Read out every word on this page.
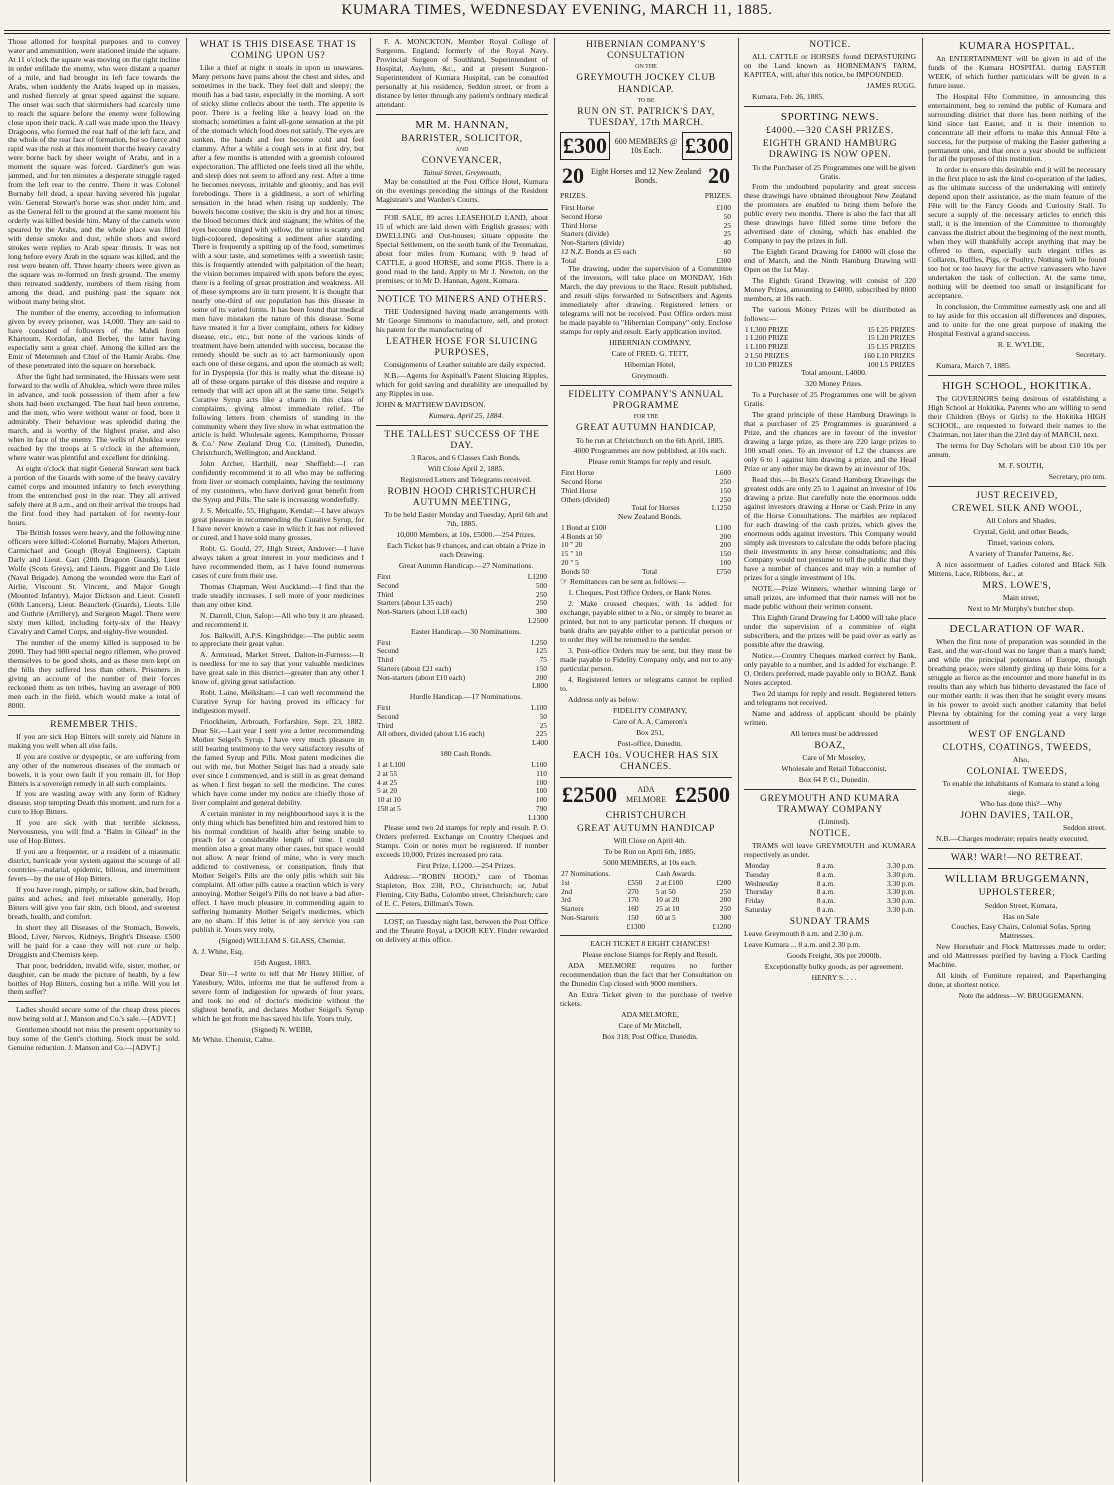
KUMARA TIMES, WEDNESDAY EVENING, MARCH 11, 1885.

Those allotted for hospital purposes and to convey water and ammunition, were stationed inside the square. At 11 o'clock the square was moving on the right incline in order enfilade the enemy, who were distant a quarter of a mile, and had brought its left face towards the Arabs, when suddenly the Arabs leaped up in masses, and rushed fiercely at great speed against the square. The onset was such that skirmishers had scarcely time to reach the square before the enemy were following close upon their track. A call was made upon the Heavy Dragoons, who formed the rear half of the left face, and the whole of the rear face of formation, but so fierce and rapid was the rush at this moment that the heavy cavalry were borne back by sheer weight of Arabs, and in a moment the square was forced. Gardiner's gun was jammed, and for ten minutes a desperate struggle raged from the left rear to the centre. There it was Colonel Burnaby fell dead, a spear having severed his jugular vein. General Stewart's horse was shot under him, and as the General fell to the ground at the same moment his orderly was killed beside him. Many of the camels were speared by the Arabs, and the whole place was filled with dense smoke and dust, while shots and sword strokes were replies to Arab spear thrusts. It was not long before every Arab in the square was killed, and the rest were beaten off. Three hearty cheers were given as the square was re-formed on fresh ground. The enemy then retreated suddenly, numbers of them rising from among the dead, and pushing past the square not without many being shot.

The number of the enemy, according to information given by every prisoner, was 14,000. They are said to have consisted of followers of the Mahdi from Khartoum, Kordofan, and Berber, the latter having especially sent a great chief. Among the killed are the Emir of Metemneh and Chief of the Hamir Arabs. One of these penetrated into the square on horseback.

After the fight had terminated, the Hussars were sent forward to the wells of Abuklea, which were three miles in advance, and took possession of them after a few shots had been exchanged. The heat had been extreme, and the men, who were without water or food, bore it admirably. Their behaviour was splendid during the march, and is worthy of the highest praise, and also when in face of the enemy. The wells of Abuklea were reached by the troops at 5 o'clock in the afternoon, where water was plentiful and excellent for drinking.

At eight o'clock that night General Stewart sent back a portion of the Guards with some of the heavy cavalry camel corps and mounted infantry to fetch everything from the entrenched post in the rear. They all arrived safely there at 8 a.m., and on their arrival the troops had the first food they had partaken of for twenty-four hours.

The British losses were heavy, and the following nine officers were killed:-Colonel Burnaby, Majors Atherton, Carmichael and Gough (Royal Engineers), Captain Darly and Lieut. Gart (20th Dragoon Guards), Lieut Wolfe (Scots Greys), and Lieuts. Piggott and De Lisle (Naval Brigade). Among the wounded were the Earl of Airlie, Viscount St. Vincent, and Major Gough (Mounted Infantry), Major Dickson and Lieut. Costell (60th Lancers), Lieut. Beauclerk (Guards), Lieuts. Lile and Guthrie (Artillery), and Surgeon Magel. There were sixty men killed, including forty-six of the Heavy Cavalry and Camel Corps, and eighty-five wounded.

The number of the enemy killed is supposed to be 2000. They had 900 special negro riflemen, who proved themselves to be good shots, and as these men kept on the hills they suffered less than others. Prisoners in giving an account of the number of their forces reckoned them as ten tribes, having an average of 800 men each in the field, which would make a total of 8000.

REMEMBER THIS.

If you are sick Hop Bitters will surely aid Nature in making you well when all else fails.

If you are costive or dyspeptic, or are suffering from any other of the numerous diseases of the stomach or bowels, it is your own fault if you remain ill, for Hop Bitters is a sovereign remedy in all such complaints.

If you are wasting away with any form of Kidney disease, stop tempting Death this moment, and turn for a cure to Hop Bitters.

If you are sick with that terrible sickness, Nervousness, you will find a "Balm in Gilead" in the use of Hop Bitters.

If you are a frequenter, or a resident of a miasmatic district, barricade your system against the scourge of all countries—malarial, epidemic, bilious, and intermittent fevers—by the use of Hop Bitters.

If you have rough, pimply, or sallow skin, bad breath, pains and aches, and feel miserable generally, Hop Bitters will give you fair skin, rich blood, and sweetest breath, health, and comfort.

In short they all Diseases of the Stomach, Bowels, Blood, Liver, Nerves, Kidneys, Bright's Disease. £500 will be paid for a case they will not cure or help. Druggists and Chemists keep.

That poor, bedridden, invalid wife, sister, mother, or daughter, can be made the picture of health, by a few bottles of Hop Bitters, costing but a trifle. Will you let them suffer?

Ladies should secure some of the cheap dress pieces now being sold at J. Manson and Co.'s sale.—[ADVT.]

Gentlemen should not miss the present opportunity to buy some of the Gent's clothing. Stock must be sold. Genuine reduction. J. Manson and Co.—[ADVT.]

WHAT IS THIS DISEASE THAT IS COMING UPON US?

Like a thief at night it steals in upon us unawares. Many persons have pains about the chest and sides, and sometimes in the back. They feel dull and sleepy; the mouth has a bad taste, especially in the morning. A sort of sticky slime collects about the teeth. The appetite is poor. There is a feeling like a heavy load on the stomach; sometimes a faint all-gone sensation at the pit of the stomach which food does not satisfy. The eyes are sunken, the hands and feet become cold and feel clammy. After a while a cough sets in at first dry, but after a few months is attended with a greenish coloured expectoration. The afflicted one feels tired all the while, and sleep does not seem to afford any rest. After a time he becomes nervous, irritable and gloomy, and has evil forebodings. There is a giddiness, a sort of whirling sensation in the head when rising up suddenly. The bowels become costive; the skin is dry and hot at times; the blood becomes thick and stagnant; the whites of the eyes become tinged with yellow, the urine is scanty and high-coloured, depositing a sediment after standing. There is frequently a spitting up of the food, sometimes with a sour taste, and sometimes with a sweetish taste; this is frequently attended with palpitation of the heart; the vision becomes impaired with spots before the eyes; there is a feeling of great prostration and weakness. All of these symptoms are in turn present. It is thought that nearly one-third of our population has this disease in some of its varied forms. It has been found that medical men have mistaken the nature of this disease. Some have treated it for a liver complaint, others for kidney disease, etc., etc., but none of the various kinds of treatment have been attended with success, because the remedy should be such as to act harmoniously upon each one of these organs, and upon the stomach as well; for in Dyspepsia (for this is really what the disease is) all of these organs partake of this disease and require a remedy that will act upon all at the same time. Seigel's Curative Syrup acts like a charm in this class of complaints, giving almost immediate relief. The following letters from chemists of standing in the community where they live show in what estimation the article is held. Wholesale agents, Kempthorne, Prosser & Co.' New Zealand Drug Co. (Limited), Dunedin, Christchurch, Wellington, and Auckland.

John Archer, Harthill, near Sheffield:—I can confidently recommend it to all who may be suffering from liver or stomach complaints, having the testimony of my customers, who have derived great benefit from the Syrup and Pills. The sale is increasing wonderfully.

J. S. Metcalfe, 55, Highgate, Kendal:—I have always great pleasure in recommending the Curative Syrup, for I have never known a case in which it has not relieved or cured, and I have sold many grosses.

Robt. G. Gould, 27, High Street, Andover:—I have always taken a great interest in your medicines and I have recommended them, as I have found numerous cases of cure from their use.

Thomas Chapman, West Auckland:—I find that the trade steadily increases. I sell more of your medicines than any other kind.

N. Darroll, Clun, Salop:—All who buy it are pleased, and recommend it.

Jos. Balkwill, A.P.S. Kingsbridge:—The public seem to appreciate their great value.

A. Armstead, Market Street, Dalton-in-Furness:—It is needless for me to say that your valuable medicines have great sale in this district—greater than any other I know of, giving great satisfaction.

Robt. Laine, Melksham:—I can well recommend the Curative Syrup for having proved its efficacy for indigestion myself.

Friockheim, Arbroath, Forfarshire, Sept. 23, 1882. Dear Sir,—Last year I sent you a letter recommending Mother Seigel's Syrup. I have very much pleasure in still bearing testimony to the very satisfactory results of the famed Syrup and Pills. Most patent medicines die out with me, but Mother Seigel has had a steady sale ever since I commenced, and is still in as great demand as when I first began to sell the medicine. The cures which have come under my notice are chiefly those of liver complaint and general debility.

A certain minister in my neighbourhood says it is the only thing which has benefitted him and restored him to his normal condition of health after being unable to preach for a considerable length of time. I could mention also a great many other cases, but space would not allow. A near friend of mine, who is very much addicted to costiveness, or constipation, finds that Mother Seigel's Pills are the only pills which suit his complaint. All other pills cause a reaction which is very annoying. Mother Seigel's Pills do not leave a bad after-effect. I have much pleasure in commending again to suffering humanity Mother Seigel's medicines, which are no sham. If this letter is of any service you can publish it. Yours very truly,

(Signed) WILLIAM S. GLASS, Chemist.

A. J. White, Esq.

15th August, 1883.

Dear Sir—I write to tell that Mr Henry Hillier, of Yatesbury, Wilts, informs me that he suffered from a severe form of indigestion for upwards of four years, and took no end of doctor's medicine without the slightest benefit, and declares Mother Seigel's Syrup which he got from me has saved his life. Yours truly,

(Signed) N. WEBB,

Mr White. Chemist, Calne.

F. A. MONCKTON, Member Royal College of Surgeons, England; formerly of the Royal Navy. Provincial Surgeon of Southland, Superintendent of Hospital, Asylum, &c., and at present Surgeon-Superintendent of Kumara Hospital, can be consulted personally at his residence, Seddon street, or from a distance by letter through any patient's ordinary medical attendant.

MR M. HANNAN,
BARRISTER, SOLICITOR,
AND
CONVEYANCER,
Tainui Street, Greymouth,

May be consulted at the Post Office Hotel, Kumara on the evenings preceding the sittings of the Resident Magistrate's and Warden's Courts.

FOR SALE, 89 acres LEASEHOLD LAND, about 15 of which are laid down with English grasses; with DWELLING and Out-houses; situate opposite the Special Settlement, on the south bank of the Teremakau, about four miles from Kumara; with 9 head of CATTLE, a good HORSE, and some PIGS. There is a good road to the land. Apply to Mr J. Newton, on the premises; or to Mr D. Hannan, Agent, Kumara.

NOTICE TO MINERS AND OTHERS.

THE Undersigned having made arrangements with Mr George Simmons to manufacture, sell, and protect his patent for the manufacturing of

LEATHER HOSE FOR SLUICING PURPOSES,

Consignments of Leather suitable are daily expected.

N.B.—Agents for Aspinall's Patent Sluicing Ripples, which for gold saving and durability are unequalled by any Ripples in use.

JOHN & MATTHEW DAVIDSON.

Kumara, April 25, 1884.

THE TALLEST SUCCESS OF THE DAY.

3 Races, and 6 Classes Cash Bonds.

Will Close April 2, 1885.

Registered Letters and Telegrams received.

ROBIN HOOD CHRISTCHURCH AUTUMN MEETING,

To be held Easter Monday and Tuesday, April 6th and 7th, 1885.

10,000 Members, at 10s, £5000.—254 Prizes.

Each Ticket has 9 chances, and can obtain a Prize in each Drawing.

Great Autumn Handicap.—27 Nominations.

First	L1200
Second	500
Third	250
Starters (about L35 each)	250
Non-Starters (about L18 each)	300

L2500

Easter Handicap.—30 Nominations.

First	L250
Second	125
Third	75
Starters (about £21 each)	150
Non-starters (about £10 each)	200

L800

Hurdle Handicap.—17 Nominations.

First	L100
Second	50
Third	25
All others, divided (about L16 each)	225

L400

180 Cash Bonds.

1 at L100	L100
2 at 55	110
4 at 25	100
5 at 20	100
10 at 10	100
158 at 5	790

L1300

Please send two 2d stamps for reply and result. P. O. Orders preferred. Exchange on Country Cheques and Stamps. Coin or notes must be registered. If number exceeds 10,000, Prizes increased pro rata.

First Prize, L1200.—254 Prizes.

Address:—"ROBIN HOOD," care of Thomas Stapleton, Box 238, P.O., Christchurch; or, Jubal Fleming, City Baths, Colombo street, Christchurch; care of E. C. Peters, Dillman's Town.

LOST, on Tuesday night last, between the Post Office and the Theatre Royal, a DOOR KEY. Finder rewarded on delivery at this office.

HIBERNIAN COMPANY'S CONSULTATION
ON THE
GREYMOUTH JOCKEY CLUB HANDICAP.
TO BE
RUN ON ST. PATRICK'S DAY, TUESDAY, 17th MARCH.
£300 600 MEMBERS @ 10s Each.	£300
20 Eight Horses and 12 New Zealand Bonds.	20
PRIZES.	PRIZES.
First Horse	£100
Second Horse	50
Third Horse	25
Starters (divide)	25
Non-Starters (divide)	40
12 N.Z. Bonds at £5 each	60
Total	£300

The drawing, under the supervision of a Committee of the investors, will take place on MONDAY, 16th March, the day previous to the Race. Result published, and result slips forwarded to Subscribers and Agents immediately after drawing. Registered letters or telegrams will not be received. Post Office orders must be made payable to "Hibernian Company" only. Enclose stamps for reply and result. Early application invited.

HIBERNIAN COMPANY,

Care of FRED. G. TETT,

Hibernian Hotel,

Greymouth.

FIDELITY COMPANY'S ANNUAL PROGRAMME
FOR THE
GREAT AUTUMN HANDICAP,

To be run at Christchurch on the 6th April, 1885.

4000 Programmes are now published, at 10s each.

Please remit Stamps for reply and result.

First Horse	L600
Second Horse	250
Third Horse	150
Others (divided)	250
Total for Horses	L1250

New Zealand Bonds.

1 Bond at £100	L100
4 Bonds at 50	200
10 " 20	200
15 " 10	150
20 " 5	100
Bonds 50	Total	£750

☞ Remittances can be sent as follows:—

1. Cheques, Post Office Orders, or Bank Notes.

2. Make crossed cheques, with 1s added for exchange, payable either to a No., or simply to bearer as printed, but not to any particular person. If cheques or bank drafts are payable either to a particular person or to order they will be returned to the sender.

3. Post-office Orders may be sent, but they must be made payable to Fidelity Company only, and not to any particular person.

4. Registered letters or telegrams cannot be replied to.

Address only as below:

FIDELITY COMPANY,

Care of A. A. Cameron's

Box 251,

Post-office, Dunedin.

EACH 10s. VOUCHER HAS SIX CHANCES.
£2500	ADA MELMORE £2500
CHRISTCHURCH
GREAT AUTUMN HANDICAP

Will Close on April 4th.

To be Run on April 6th, 1885.

5000 MEMBERS, at 10s each.

27 Nominations.		Cash Awards.	
1st	£550	2 at £100	£200
2nd	270	5 at 50	250
3rd	170	10 at 20	200
Starters	160	25 at 10	250
Non-Starters	150	60 at 5	300
£1300	£1200

EACH TICKET 8 EIGHT CHANCES!

Please enclose Stamps for Reply and Result.

ADA MELMORE requires no further recommendation than the fact that her Consultation on the Dunedin Cup closed with 9000 members.

An Extra Ticket given to the purchase of twelve tickets.

ADA MELMORE,

Care of Mr Mitchell,

Box 318, Post Office, Dunedin.

NOTICE.

ALL CATTLE or HORSES found DEPASTURING on the Land known as HORNEMAN'S FARM, KAPITEA, will, after this notice, be IMPOUNDED.

JAMES RUGG.

Kumara, Feb. 26, 1885.

SPORTING NEWS.
£4000.—320 CASH PRIZES.
EIGHTH GRAND HAMBURG DRAWING IS NOW OPEN.

To the Purchaser of 25 Programmes one will be given Gratis.

From the undoubted popularity and great success these drawings have obtained throughout New Zealand the promoters are enabled to bring them before the public every two months. There is also the fact that all these drawings have filled some time before the advertised date of closing, which has enabled the Company to pay the prizes in full.

The Eighth Grand Drawing for £4000 will close the end of March, and the Ninth Hamburg Drawing will Open on the 1st May.

The Eighth Grand Drawing will consist of 320 Money Prizes, amounting to £4000, subscribed by 8000 members, at 10s each.

The various Money Prizes will be distributed as follows:—

1 L300 PRIZE	15 L25 PRIZES
1 L200 PRIZE	15 L20 PRIZES
1 L100 PRIZE	15 L15 PRIZES
2 L50 PRIZES	160 L10 PRIZES
10 L30 PRIZES	100 L5 PRIZES

Total amount, L4000.

320 Money Prizes.

To a Purchaser of 25 Programmes one will be given Gratis.

The grand principle of these Hamburg Drawings is that a purchaser of 25 Programmes is guaranteed a Prize, and the chances are in favour of the investor drawing a large prize, as there are 220 large prizes to 100 small ones. To an investor of L2 the chances are only 6 to 1 against him drawing a prize, and the Head Prize or any other may be drawn by an investor of 10s.

Read this.—In Bosz's Grand Hamburg Drawings the greatest odds are only 25 to 1 against an investor of 10s drawing a prize. But carefully note the enormous odds against investors drawing a Horse or Cash Prize in any of the Horse Consultations. The marbles are replaced for each drawing of the cash prizes, which gives the enormous odds against investors. This Company would simply ask investors to calculate the odds before placing their investments in any horse consultations; and this Company would not presume to tell the public that they have a number of chances and may win a number of prizes for a single investment of 10s.

NOTE.—Prize Winners, whether winning large or small prizes, are informed that their names will not be made public without their written consent.

This Eighth Grand Drawing for L4000 will take place under the supervision of a committee of eight subscribers, and the prizes will be paid over as early as possible after the drawing.

Notice.—Country Cheques marked correct by Bank, only payable to a number, and 1s added for exchange. P. O. Orders preferred, made payable only to BOAZ. Bank Notes accepted.

Two 2d stamps for reply and result. Registered letters and telegrams not received.

Name and address of applicant should be plainly written.

All letters must be addressed

BOAZ,

Care of Mr Moseley,

Wholesale and Retail Tobacconist,

Box 64 P. O., Dunedin.

GREYMOUTH AND KUMARA TRAMWAY COMPANY

(Limited).

NOTICE.

TRAMS will leave GREYMOUTH and KUMARA respectively as under.

Monday	8 a.m.	3.30 p.m.
Tuesday	8 a.m.	3.30 p.m.
Wednesday	8 a.m.	3.30 p.m.
Thursday	8 a.m.	3.30 p.m.
Friday	8 a.m.	3.30 p.m.
Saturday	8 a.m.	3.30 p.m.
SUNDAY TRAMS

Leave Greymouth 8 a.m. and 2.30 p.m.

Leave Kumara ... 8 a.m. and 2.30 p.m.

Goods Freight, 30s per 2000lb.

Exceptionally bulky goods, as per agreement.

HENRY S. . . .

KUMARA HOSPITAL.

An ENTERTAINMENT will be given in aid of the funds of the Kumara HOSPITAL during EASTER WEEK, of which further particulars will be given in a future issue.

The Hospital Fête Committee, in announcing this entertainment, beg to remind the public of Kumara and surrounding district that there has been nothing of the kind since last Easter, and it is their intention to concentrate all their efforts to make this Annual Fête a success, for the purpose of making the Easter gathering a permanent one, and that once a year should be sufficient for all the purposes of this institution.

In order to ensure this desirable end it will be necessary in the first place to ask the kind co-operation of the ladies, as the ultimate success of the undertaking will entirely depend upon their assistance, as the main feature of the Fête will be the Fancy Goods and Curiosity Stall. To secure a supply of the necessary articles to enrich this stall, it is the intention of the Committee to thoroughly canvass the district about the beginning of the next month, when they will thankfully accept anything that may be offered to them, especially such elegant trifles as Collarets, Ruffles, Pigs, or Poultry. Nothing will be found too hot or too heavy for the active canvassers who have undertaken the task of collection. At the same time, nothing will be deemed too small or insignificant for acceptance.

In conclusion, the Committee earnestly ask one and all to lay aside for this occasion all differences and disputes, and to unite for the one great purpose of making the Hospital Festival a grand success.

R. E. WYLDE,

Secretary.

Kumara, March 7, 1885.

HIGH SCHOOL, HOKITIKA.

The GOVERNORS being desirous of establishing a High School at Hokitika, Parents who are willing to send their Children (Boys or Girls) to the Hokitika HIGH SCHOOL, are requested to forward their names to the Chairman, not later than the 23rd day of MARCH, next.

The terms for Day Scholars will be about £10 10s per annum.

M. F. SOUTH,

Secretary, pro tem.

JUST RECEIVED,
CREWEL SILK AND WOOL,

All Colors and Shades,

Crystal, Gold, and other Beads,

Tinsel, various colors,

A variety of Transfer Patterns, &c.

A nice assortment of Ladies colored and Black Silk Mittens, Lace, Ribbons, &c., at

MRS. LOWE'S,

Main street,

Next to Mr Murphy's butcher shop.

DECLARATION OF WAR.

When the first note of preparation was sounded in the East, and the war-cloud was no larger than a man's hand; and while the principal potentates of Europe, though breathing peace, were silently girding up their loins for a struggle as fierce as the encounter and more baneful in its results than any which has hitherto devastated the face of our mother earth: it was then that he sought every means in his power to avoid such another calamity that befel Plevna by obtaining for the coming year a very large assortment of

WEST OF ENGLAND
CLOTHS, COATINGS, TWEEDS,

Also,

COLONIAL TWEEDS,

To enable the inhabitants of Kumara to stand a long siege.

Who has done this?—Why

JOHN DAVIES, TAILOR,

Seddon street.

N.B.—Charges moderate; repairs neatly executed.

WAR! WAR!—NO RETREAT.
WILLIAM BRUGGEMANN,
UPHOLSTERER,

Seddon Street, Kumara,

Has on Sale

Couches, Easy Chairs, Colonial Sofas, Spring Mattresses.

New Horsehair and Flock Mattresses made to order; and old Mattresses purified by having a Flock Carding Machine.

All kinds of Furniture repaired, and Paperhanging done, at shortest notice.

Note the address—W. BRUGGEMANN.
